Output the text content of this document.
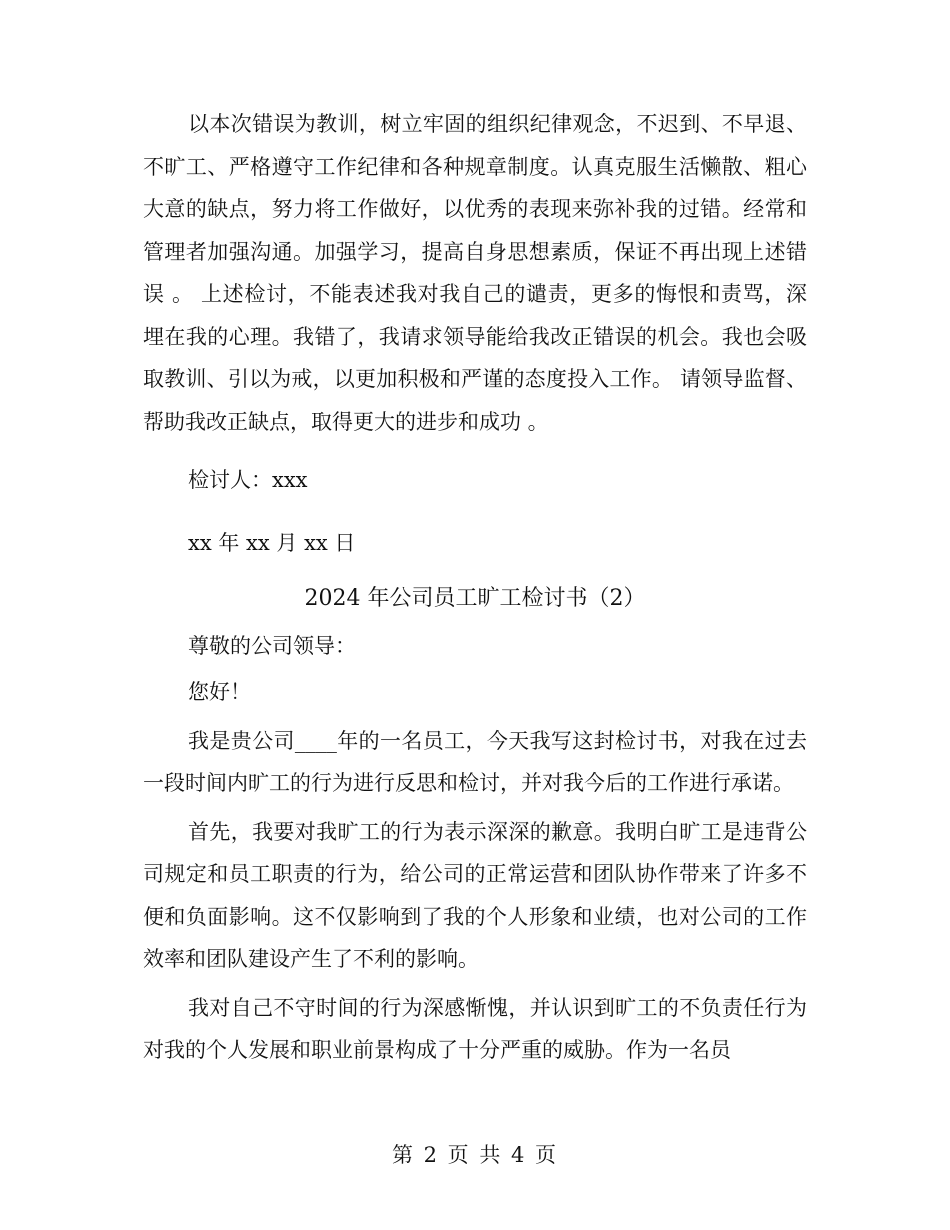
以本次错误为教训，树立牢固的组织纪律观念，不迟到、不早退、不旷工、严格遵守工作纪律和各种规章制度。认真克服生活懒散、粗心大意的缺点，努力将工作做好，以优秀的表现来弥补我的过错。经常和管理者加强沟通。加强学习，提高自身思想素质，保证不再出现上述错误 。 上述检讨，不能表述我对我自己的谴责，更多的悔恨和责骂，深埋在我的心理。我错了，我请求领导能给我改正错误的机会。我也会吸取教训、引以为戒，以更加积极和严谨的态度投入工作。 请领导监督、帮助我改正缺点，取得更大的进步和成功 。

检讨人：xxx

xx 年 xx 月 xx 日

2024 年公司员工旷工检讨书（2）

尊敬的公司领导：

您好！

我是贵公司____年的一名员工，今天我写这封检讨书，对我在过去一段时间内旷工的行为进行反思和检讨，并对我今后的工作进行承诺。

首先，我要对我旷工的行为表示深深的歉意。我明白旷工是违背公司规定和员工职责的行为，给公司的正常运营和团队协作带来了许多不便和负面影响。这不仅影响到了我的个人形象和业绩，也对公司的工作效率和团队建设产生了不利的影响。

我对自己不守时间的行为深感惭愧，并认识到旷工的不负责任行为对我的个人发展和职业前景构成了十分严重的威胁。作为一名员

第 2 页 共 4 页
